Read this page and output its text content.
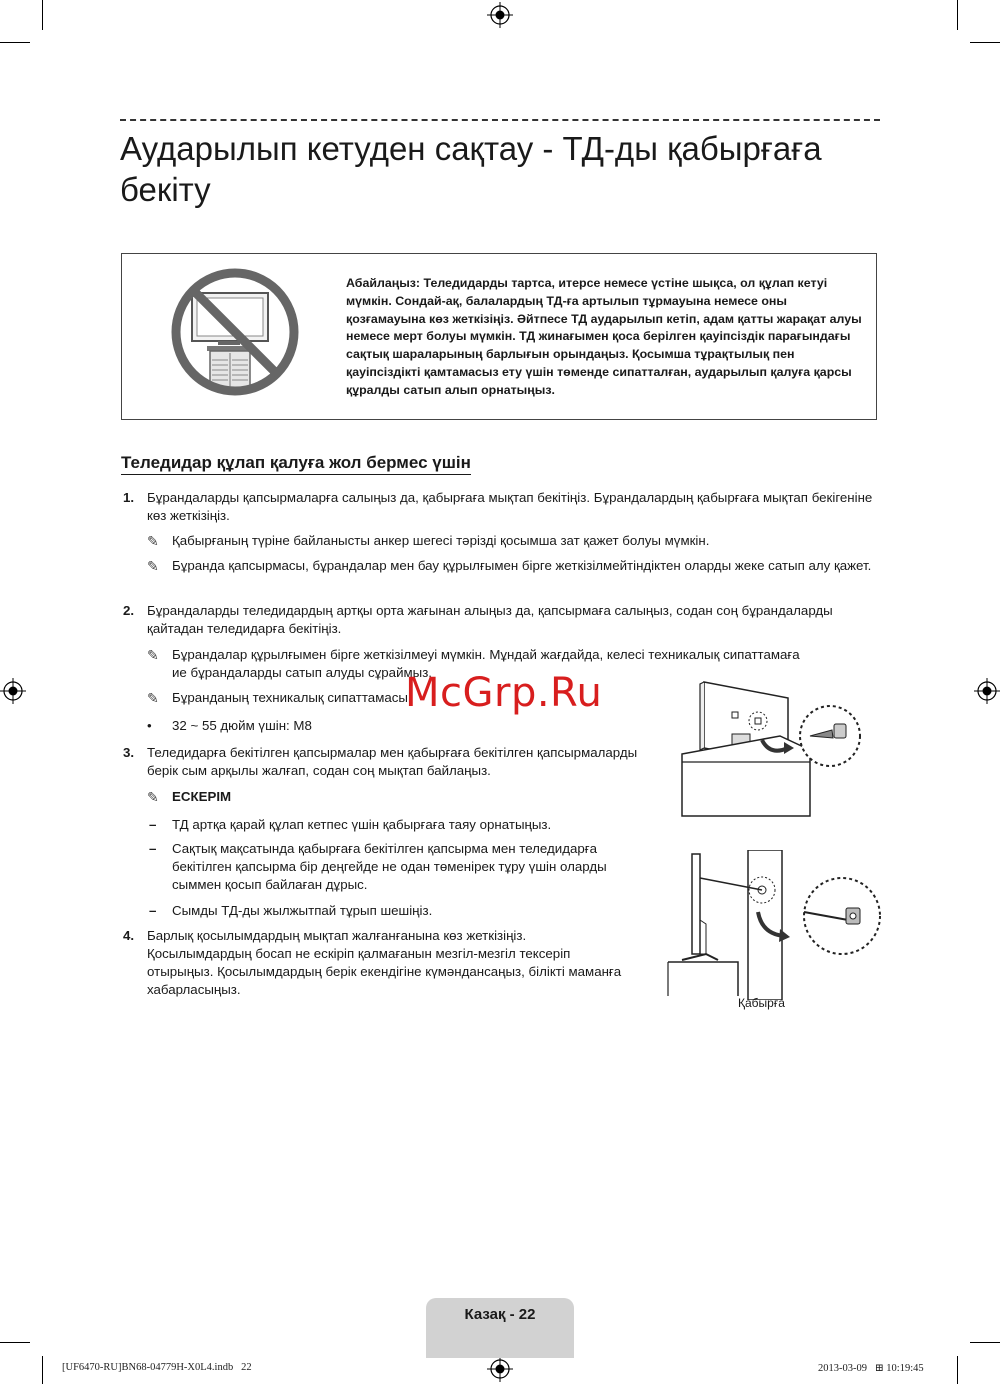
Аударылып кетуден сақтау - ТД-ды қабырғаға бекіту
Абайлаңыз: Теледидарды тартса, итерсе немесе үстіне шықса, ол құлап кетуі мүмкін. Сондай-ақ, балалардың ТД-ға артылып тұрмауына немесе оны қозғамауына көз жеткізіңіз. Әйтпесе ТД аударылып кетіп, адам қатты жарақат алуы немесе мерт болуы мүмкін. ТД жинағымен қоса берілген қауіпсіздік парағындағы сақтық шараларының барлығын орындаңыз. Қосымша тұрақтылық пен қауіпсіздікті қамтамасыз ету үшін төменде сипатталған, аударылып қалуға қарсы құралды сатып алып орнатыңыз.
Теледидар құлап қалуға жол бермес үшін
1. Бұрандаларды қапсырмаларға салыңыз да, қабырғаға мықтап бекітіңіз. Бұрандалардың қабырғаға мықтап бекігеніне көз жеткізіңіз.
✎ Қабырғаның түріне байланысты анкер шегесі тәрізді қосымша зат қажет болуы мүмкін.
✎ Бұранда қапсырмасы, бұрандалар мен бау құрылғымен бірге жеткізілмейтіндіктен оларды жеке сатып алу қажет.
2. Бұрандаларды теледидардың артқы орта жағынан алыңыз да, қапсырмаға салыңыз, содан соң бұрандаларды қайтадан теледидарға бекітіңіз.
✎ Бұрандалар құрылғымен бірге жеткізілмеуі мүмкін. Мұндай жағдайда, келесі техникалық сипаттамаға ие бұрандаларды сатып алуды сұраймыз.
✎ Бұранданың техникалық сипаттамасы
• 32 ~ 55 дюйм үшін: М8
3. Теледидарға бекітілген қапсырмалар мен қабырғаға бекітілген қапсырмаларды берік сым арқылы жалғап, содан соң мықтап байлаңыз.
✎ ЕСКЕРІМ
– ТД артқа қарай құлап кетпес үшін қабырғаға таяу орнатыңыз.
– Сақтық мақсатында қабырғаға бекітілген қапсырма мен теледидарға бекітілген қапсырма бір деңгейде не одан төменірек тұру үшін оларды сыммен қосып байлаған дұрыс.
– Сымды ТД-ды жылжытпай тұрып шешіңіз.
4. Барлық қосылымдардың мықтап жалғанғанына көз жеткізіңіз. Қосылымдардың босап не ескіріп қалмағанын мезгіл-мезгіл тексеріп отырыңыз. Қосылымдардың берік екендігіне күмәндансаңыз, білікті маманға хабарласыңыз.
Қабырға
McGrp.Ru
Казақ - 22
[UF6470-RU]BN68-04779H-X0L4.indb   22	2013-03-09   ⊞ 10:19:45
